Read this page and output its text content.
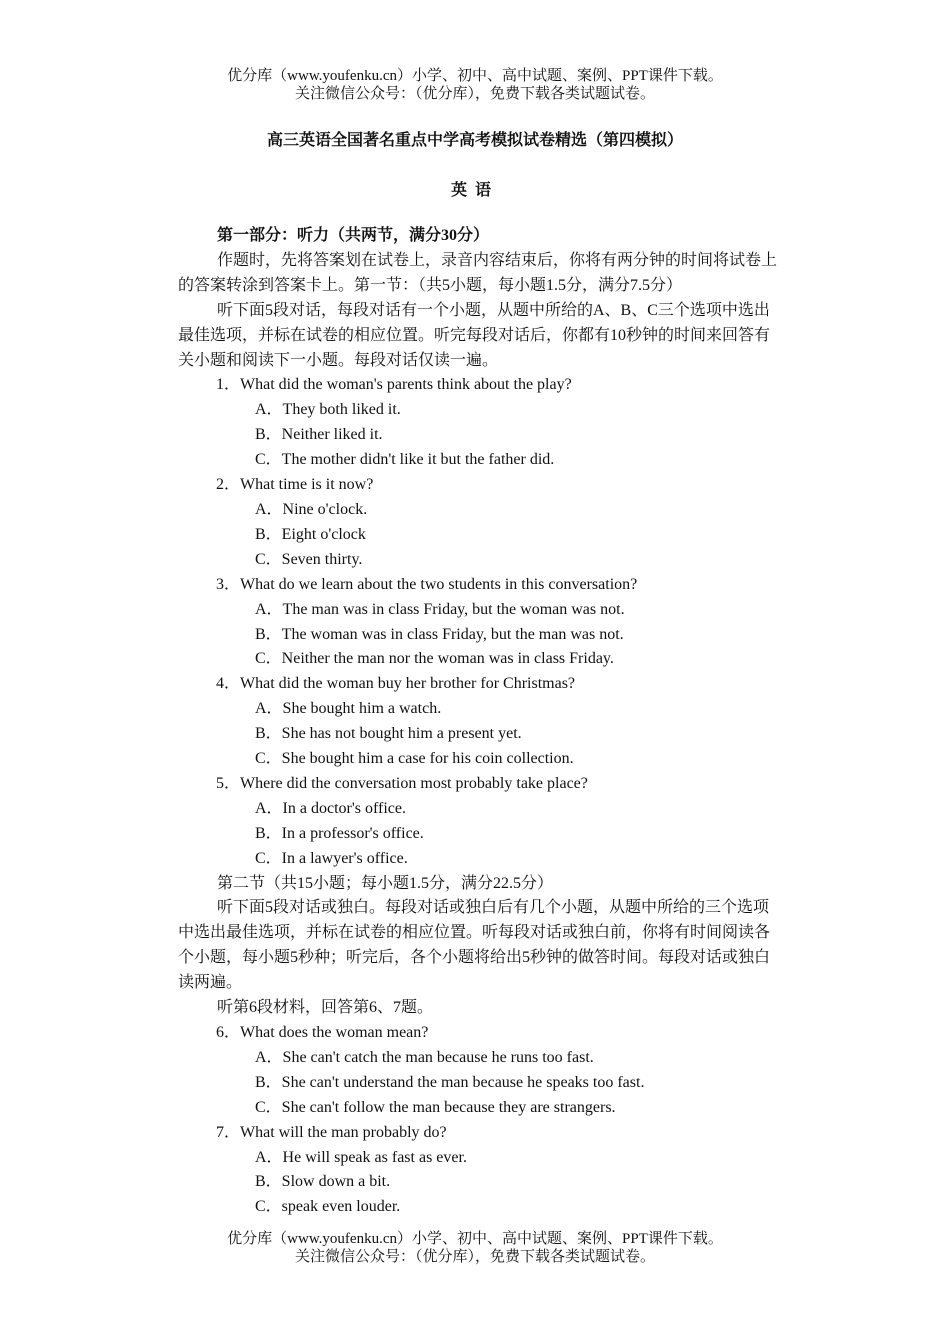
优分库（www.youfenku.cn）小学、初中、高中试题、案例、PPT课件下载。
关注微信公众号：（优分库），免费下载各类试题试卷。
高三英语全国著名重点中学高考模拟试卷精选（第四模拟）
英语

第一部分：听力（共两节，满分30分）

作题时，先将答案划在试卷上，录音内容结束后，你将有两分钟的时间将试卷上的答案转涂到答案卡上。第一节：（共5小题，每小题1.5分，满分7.5分）

听下面5段对话，每段对话有一个小题，从题中所给的A、B、C三个选项中选出最佳选项，并标在试卷的相应位置。听完每段对话后，你都有10秒钟的时间来回答有关小题和阅读下一小题。每段对话仅读一遍。

1．What did the woman's parents think about the play?

A．They both liked it.

B．Neither liked it.

C．The mother didn't like it but the father did.

2．What time is it now?

A．Nine o'clock.

B．Eight o'clock

C．Seven thirty.

3．What do we learn about the two students in this conversation?

A．The man was in class Friday, but the woman was not.

B．The woman was in class Friday, but the man was not.

C．Neither the man nor the woman was in class Friday.

4．What did the woman buy her brother for Christmas?

A．She bought him a watch.

B．She has not bought him a present yet.

C．She bought him a case for his coin collection.

5．Where did the conversation most probably take place?

A．In a doctor's office.

B．In a professor's office.

C．In a lawyer's office.

第二节（共15小题；每小题1.5分，满分22.5分）

听下面5段对话或独白。每段对话或独白后有几个小题，从题中所给的三个选项中选出最佳选项，并标在试卷的相应位置。听每段对话或独白前，你将有时间阅读各个小题，每小题5秒种；听完后，各个小题将给出5秒钟的做答时间。每段对话或独白读两遍。

听第6段材料，回答第6、7题。

6．What does the woman mean?

A．She can't catch the man because he runs too fast.

B．She can't understand the man because he speaks too fast.

C．She can't follow the man because they are strangers.

7．What will the man probably do?

A．He will speak as fast as ever.

B．Slow down a bit.

C．speak even louder.

优分库（www.youfenku.cn）小学、初中、高中试题、案例、PPT课件下载。
关注微信公众号：（优分库），免费下载各类试题试卷。
